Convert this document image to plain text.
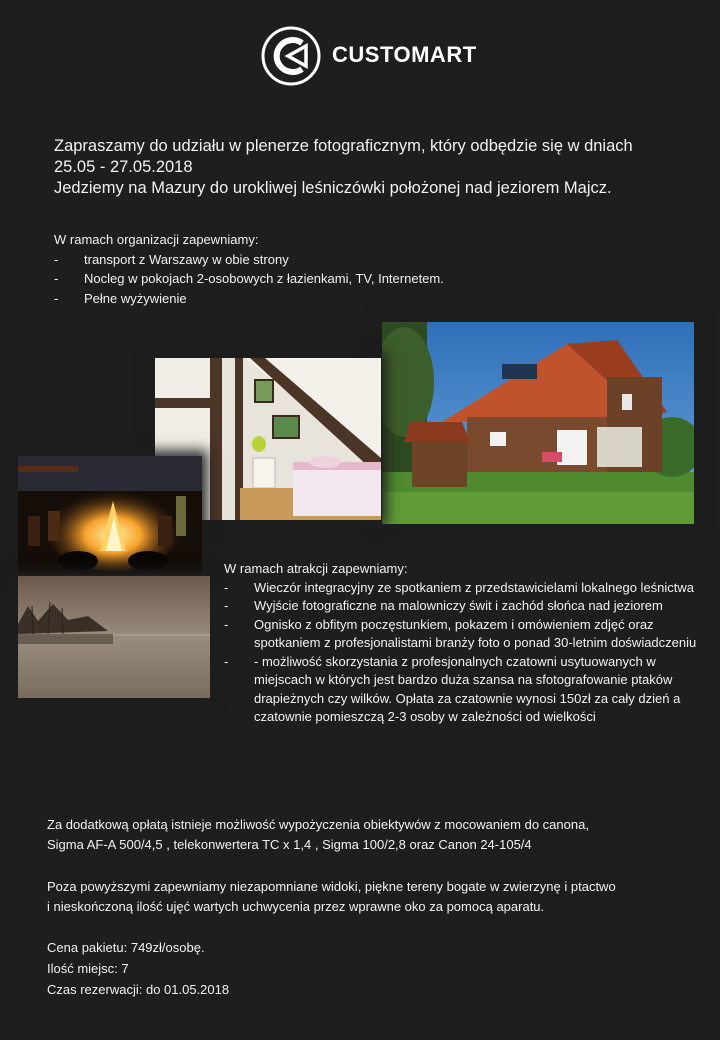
CUSTOMART
Zapraszamy do udziału w plenerze fotograficznym, który odbędzie się w dniach
25.05 - 27.05.2018
Jedziemy na Mazury do urokliwej leśniczówki położonej nad jeziorem Majcz.
W ramach organizacji zapewniamy:
- transport z Warszawy w obie strony
- Nocleg w pokojach 2-osobowych z łazienkami, TV, Internetem.
- Pełne wyżywienie
W ramach atrakcji zapewniamy:
- Wieczór integracyjny ze spotkaniem z przedstawicielami lokalnego leśnictwa
- Wyjście fotograficzne na malowniczy świt i zachód słońca nad jeziorem
- Ognisko z obfitym poczęstunkiem, pokazem i omówieniem zdjęć oraz spotkaniem z profesjonalistami branży foto o ponad 30-letnim doświadczeniu
- - możliwość skorzystania z profesjonalnych czatowni usytuowanych w miejscach w których jest bardzo duża szansa na sfotografowanie ptaków drapieżnych czy wilków. Opłata za czatownie wynosi 150zł za cały dzień a czatownie pomieszczą 2-3 osoby w zależności od wielkości
Za dodatkową opłatą istnieje możliwość wypożyczenia obiektywów z mocowaniem do canona,
Sigma AF-A 500/4,5 , telekonwertera TC x 1,4 , Sigma 100/2,8 oraz Canon 24-105/4
Poza powyższymi zapewniamy niezapomniane widoki, piękne tereny bogate w zwierzynę i ptactwo
i nieskończoną ilość ujęć wartych uchwycenia przez wprawne oko za pomocą aparatu.
Cena pakietu: 749zł/osobę.
Ilość miejsc: 7
Czas rezerwacji: do 01.05.2018
